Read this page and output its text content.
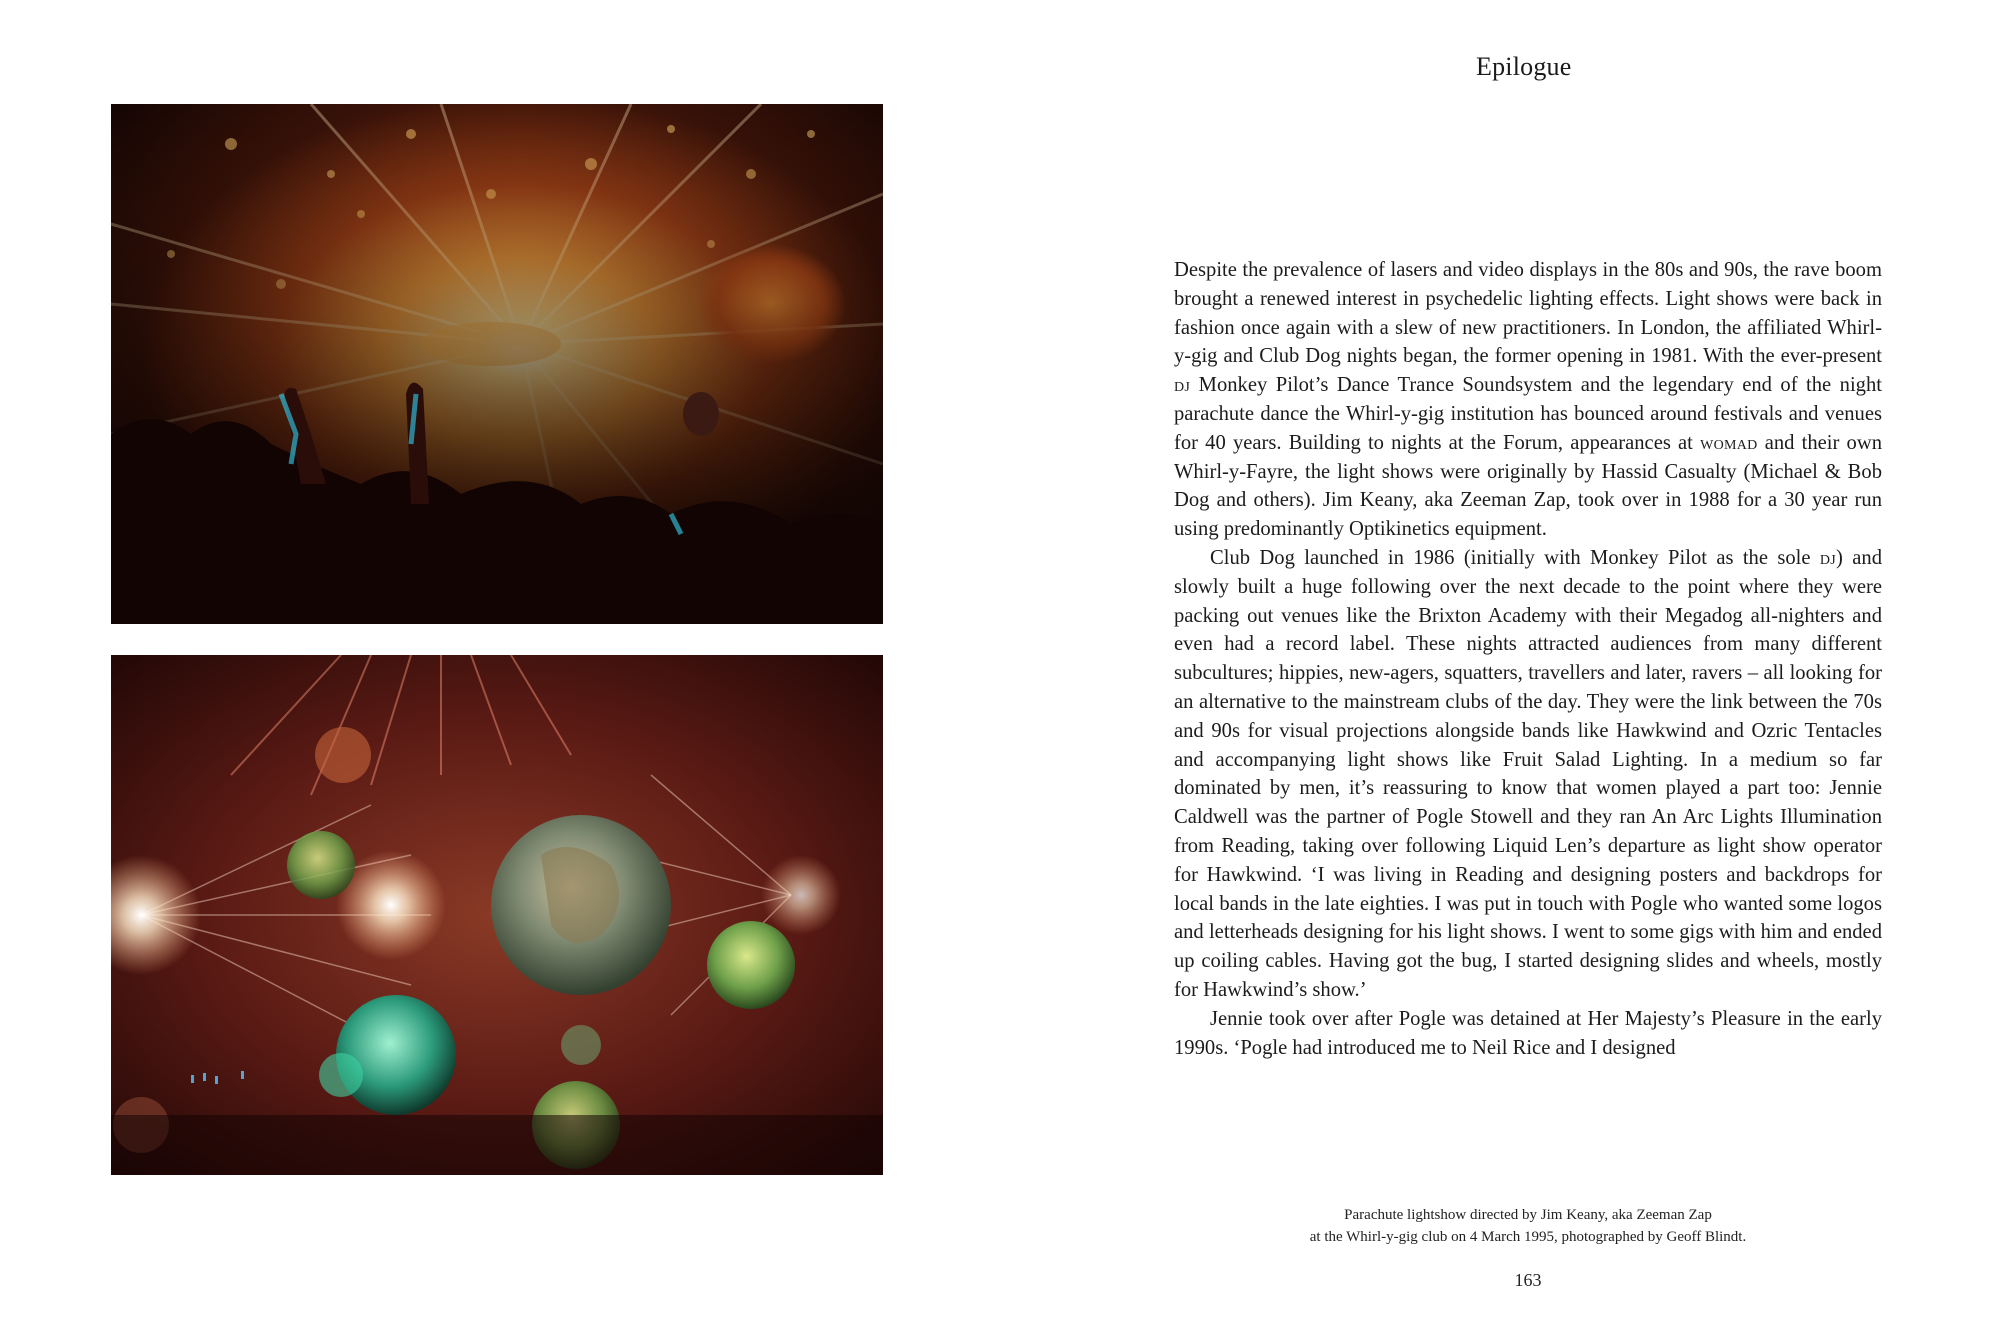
Epilogue

Despite the prevalence of lasers and video displays in the 80s and 90s, the rave boom brought a renewed interest in psychedelic lighting effects. Light shows were back in fashion once again with a slew of new practitioners. In London, the affiliated Whirl-y-gig and Club Dog nights began, the former opening in 1981. With the ever-present dj Monkey Pilot’s Dance Trance Soundsystem and the legendary end of the night parachute dance the Whirl-y-gig institution has bounced around festivals and venues for 40 years. Building to nights at the Forum, appearances at womad and their own Whirl-y-Fayre, the light shows were originally by Hassid Casualty (Michael & Bob Dog and others). Jim Keany, aka Zeeman Zap, took over in 1988 for a 30 year run using predominantly Optikinetics equipment.

Club Dog launched in 1986 (initially with Monkey Pilot as the sole dj) and slowly built a huge following over the next decade to the point where they were packing out venues like the Brixton Academy with their Megadog all-nighters and even had a record label. These nights attracted audiences from many different subcultures; hippies, new-agers, squatters, travellers and later, ravers – all looking for an alternative to the mainstream clubs of the day. They were the link between the 70s and 90s for visual projections alongside bands like Hawkwind and Ozric Tentacles and accompanying light shows like Fruit Salad Lighting. In a medium so far dominated by men, it’s reassuring to know that women played a part too: Jennie Caldwell was the partner of Pogle Stowell and they ran An Arc Lights Illumination from Reading, taking over following Liquid Len’s departure as light show operator for Hawkwind. ‘I was living in Reading and designing posters and backdrops for local bands in the late eighties. I was put in touch with Pogle who wanted some logos and letterheads designing for his light shows. I went to some gigs with him and ended up coiling cables. Having got the bug, I started designing slides and wheels, mostly for Hawkwind’s show.’

Jennie took over after Pogle was detained at Her Majesty’s Pleasure in the early 1990s. ‘Pogle had introduced me to Neil Rice and I designed

Parachute lightshow directed by Jim Keany, aka Zeeman Zap
at the Whirl-y-gig club on 4 March 1995, photographed by Geoff Blindt.
163
